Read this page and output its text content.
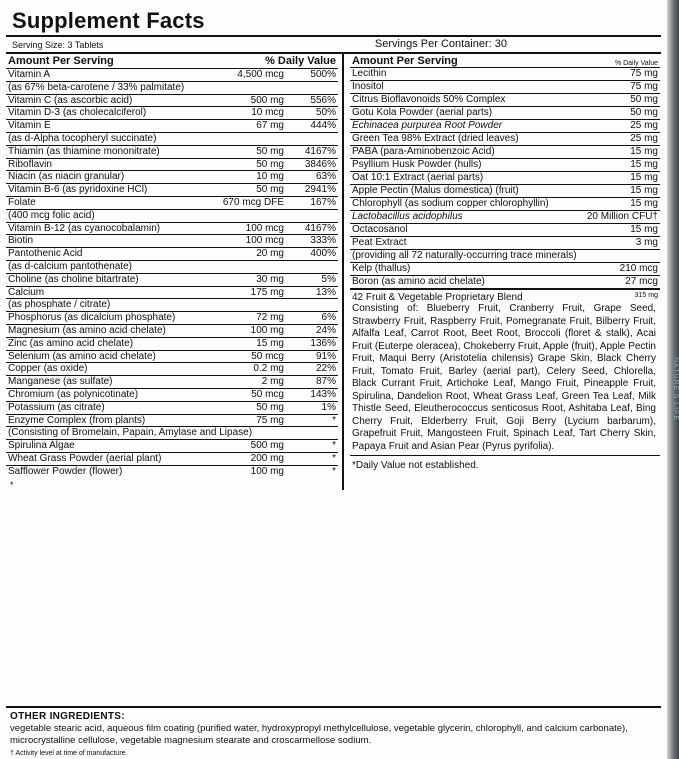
Supplement Facts
Serving Size: 3 Tablets	Servings Per Container: 30
Amount Per Serving	% Daily Value
Vitamin A	4,500 mcg	500%
(as 67% beta-carotene / 33% palmitate)		
Vitamin C (as ascorbic acid)	500 mg	556%
Vitamin D-3 (as cholecalciferol)	10 mcg	50%
Vitamin E	67 mg	444%
(as d-Alpha tocopheryl succinate)		
Thiamin (as thiamine mononitrate)	50 mg	4167%
Riboflavin	50 mg	3846%
Niacin (as niacin granular)	10 mg	63%
Vitamin B-6 (as pyridoxine HCl)	50 mg	2941%
Folate	670 mcg DFE	167%
(400 mcg folic acid)		
Vitamin B-12 (as cyanocobalamin)	100 mcg	4167%
Biotin	100 mcg	333%
Pantothenic Acid	20 mg	400%
(as d-calcium pantothenate)		
Choline (as choline bitartrate)	30 mg	5%
Calcium	175 mg	13%
(as phosphate / citrate)		
Phosphorus (as dicalcium phosphate)	72 mg	6%
Magnesium (as amino acid chelate)	100 mg	24%
Zinc (as amino acid chelate)	15 mg	136%
Selenium (as amino acid chelate)	50 mcg	91%
Copper (as oxide)	0.2 mg	22%
Manganese (as sulfate)	2 mg	87%
Chromium (as polynicotinate)	50 mcg	143%
Potassium (as citrate)	50 mg	1%
Enzyme Complex (from plants)	75 mg	*
(Consisting of Bromelain, Papain, Amylase and Lipase)		
Spirulina Algae	500 mg	*
Wheat Grass Powder (aerial plant)	200 mg	*
Safflower Powder (flower)	100 mg	*
*
Amount Per Serving	% Daily Value
Lecithin	75 mg
Inositol	75 mg
Citrus Bioflavonoids 50% Complex	50 mg
Gotu Kola Powder (aerial parts)	50 mg
Echinacea purpurea Root Powder	25 mg
Green Tea 98% Extract (dried leaves)	25 mg
PABA (para-Aminobenzoic Acid)	15 mg
Psyllium Husk Powder (hulls)	15 mg
Oat 10:1 Extract (aerial parts)	15 mg
Apple Pectin (Malus domestica) (fruit)	15 mg
Chlorophyll (as sodium copper chlorophyllin)	15 mg
Lactobacillus acidophilus	20 Million CFU†
Octacosanol	15 mg
Peat Extract	3 mg
(providing all 72 naturally-occurring trace minerals)	
Kelp (thallus)	210 mcg
Boron (as amino acid chelate)	27 mcg
42 Fruit & Vegetable Proprietary Blend	315 mg
Consisting of: Blueberry Fruit, Cranberry Fruit, Grape Seed, Strawberry Fruit, Raspberry Fruit, Pomegranate Fruit, Bilberry Fruit, Alfalfa Leaf, Carrot Root, Beet Root, Broccoli (floret & stalk), Acai Fruit (Euterpe oleracea), Chokeberry Fruit, Apple (fruit), Apple Pectin Fruit, Maqui Berry (Aristotelia chilensis) Grape Skin, Black Cherry Fruit, Tomato Fruit, Barley (aerial part), Celery Seed, Chlorella, Black Currant Fruit, Artichoke Leaf, Mango Fruit, Pineapple Fruit, Spirulina, Dandelion Root, Wheat Grass Leaf, Green Tea Leaf, Milk Thistle Seed, Eleutherococcus senticosus Root, Ashitaba Leaf, Bing Cherry Fruit, Elderberry Fruit, Goji Berry (Lycium barbarum), Grapefruit Fruit, Mangosteen Fruit, Spinach Leaf, Tart Cherry Skin, Papaya Fruit and Asian Pear (Pyrus pyrifolia).
*Daily Value not established.
OTHER INGREDIENTS:
vegetable stearic acid, aqueous film coating (purified water, hydroxypropyl methylcellulose, vegetable glycerin, chlorophyll, and calcium carbonate), microcrystalline cellulose, vegetable magnesium stearate and croscarmellose sodium.
† Activity level at time of manufacture.
NATURE'S LIFE
